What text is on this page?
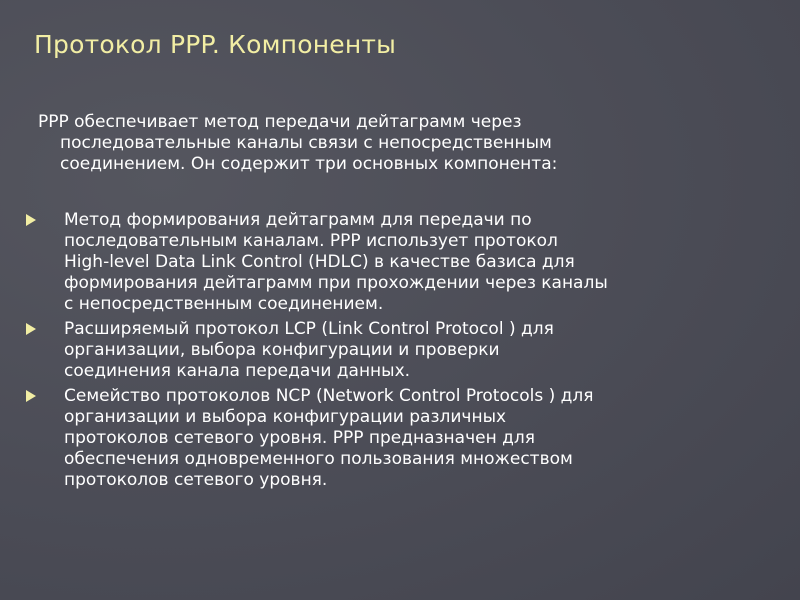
Протокол PPP. Компоненты
PPP обеспечивает метод передачи дейтаграмм через
последовательные каналы связи с непосредственным
соединением. Он содержит три основных компонента:
Метод формирования дейтаграмм для передачи по
последовательным каналам. PPP использует протокол
High-level Data Link Control (HDLC) в качестве базиса для
формирования дейтаграмм при прохождении через каналы
с непосредственным соединением.
Расширяемый протокол LCP (Link Control Protocol ) для
организации, выбора конфигурации и проверки
соединения канала передачи данных.
Семейство протоколов NCP (Network Control Protocols ) для
организации и выбора конфигурации различных
протоколов сетевого уровня. PPP предназначен для
обеспечения одновременного пользования множеством
протоколов сетевого уровня.
